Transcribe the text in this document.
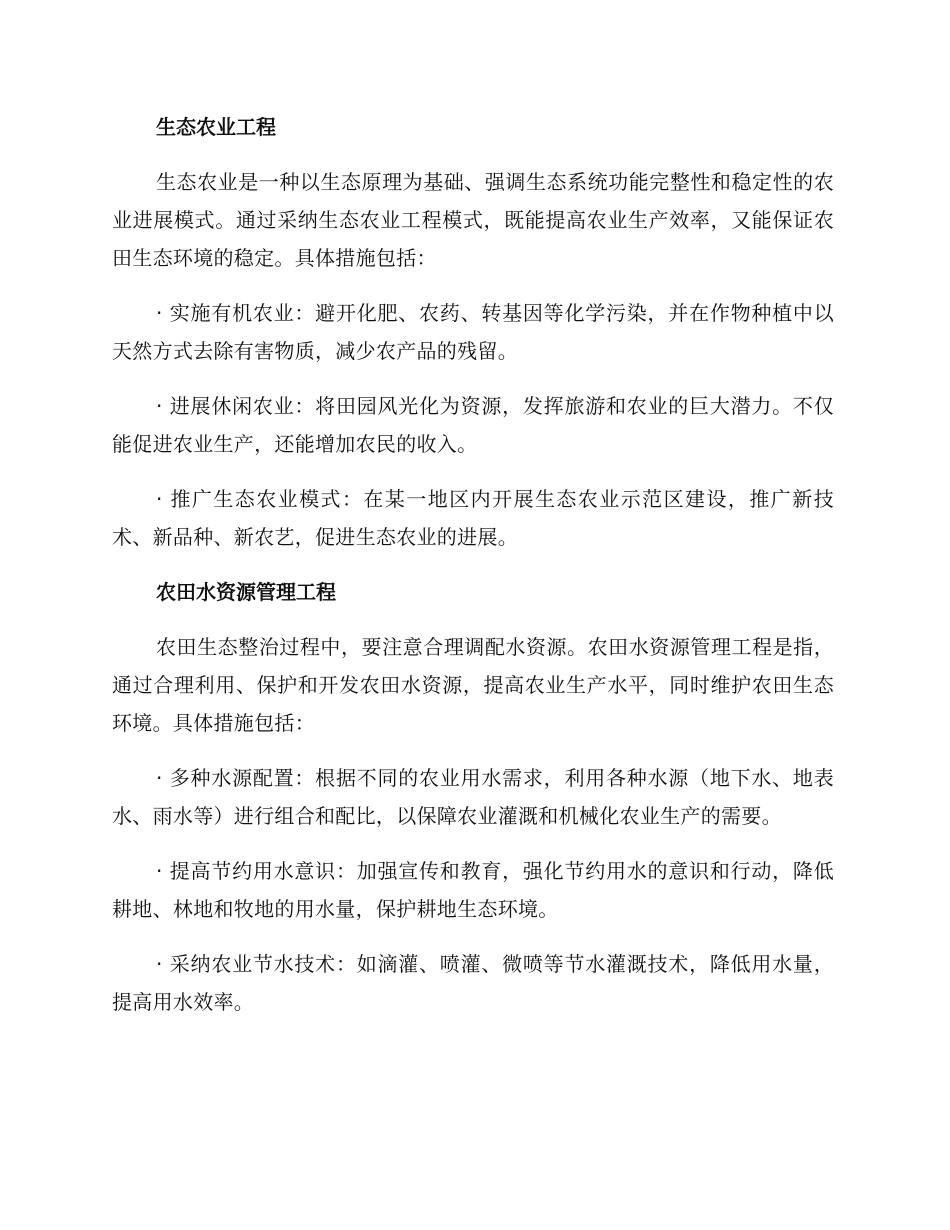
生态农业工程

生态农业是一种以生态原理为基础、强调生态系统功能完整性和稳定性的农业进展模式。通过采纳生态农业工程模式，既能提高农业生产效率，又能保证农田生态环境的稳定。具体措施包括：

· 实施有机农业：避开化肥、农药、转基因等化学污染，并在作物种植中以天然方式去除有害物质，减少农产品的残留。

· 进展休闲农业：将田园风光化为资源，发挥旅游和农业的巨大潜力。不仅能促进农业生产，还能增加农民的收入。

· 推广生态农业模式：在某一地区内开展生态农业示范区建设，推广新技术、新品种、新农艺，促进生态农业的进展。

农田水资源管理工程

农田生态整治过程中，要注意合理调配水资源。农田水资源管理工程是指，通过合理利用、保护和开发农田水资源，提高农业生产水平，同时维护农田生态环境。具体措施包括：

· 多种水源配置：根据不同的农业用水需求，利用各种水源（地下水、地表水、雨水等）进行组合和配比，以保障农业灌溉和机械化农业生产的需要。

· 提高节约用水意识：加强宣传和教育，强化节约用水的意识和行动，降低耕地、林地和牧地的用水量，保护耕地生态环境。

· 采纳农业节水技术：如滴灌、喷灌、微喷等节水灌溉技术，降低用水量，提高用水效率。
